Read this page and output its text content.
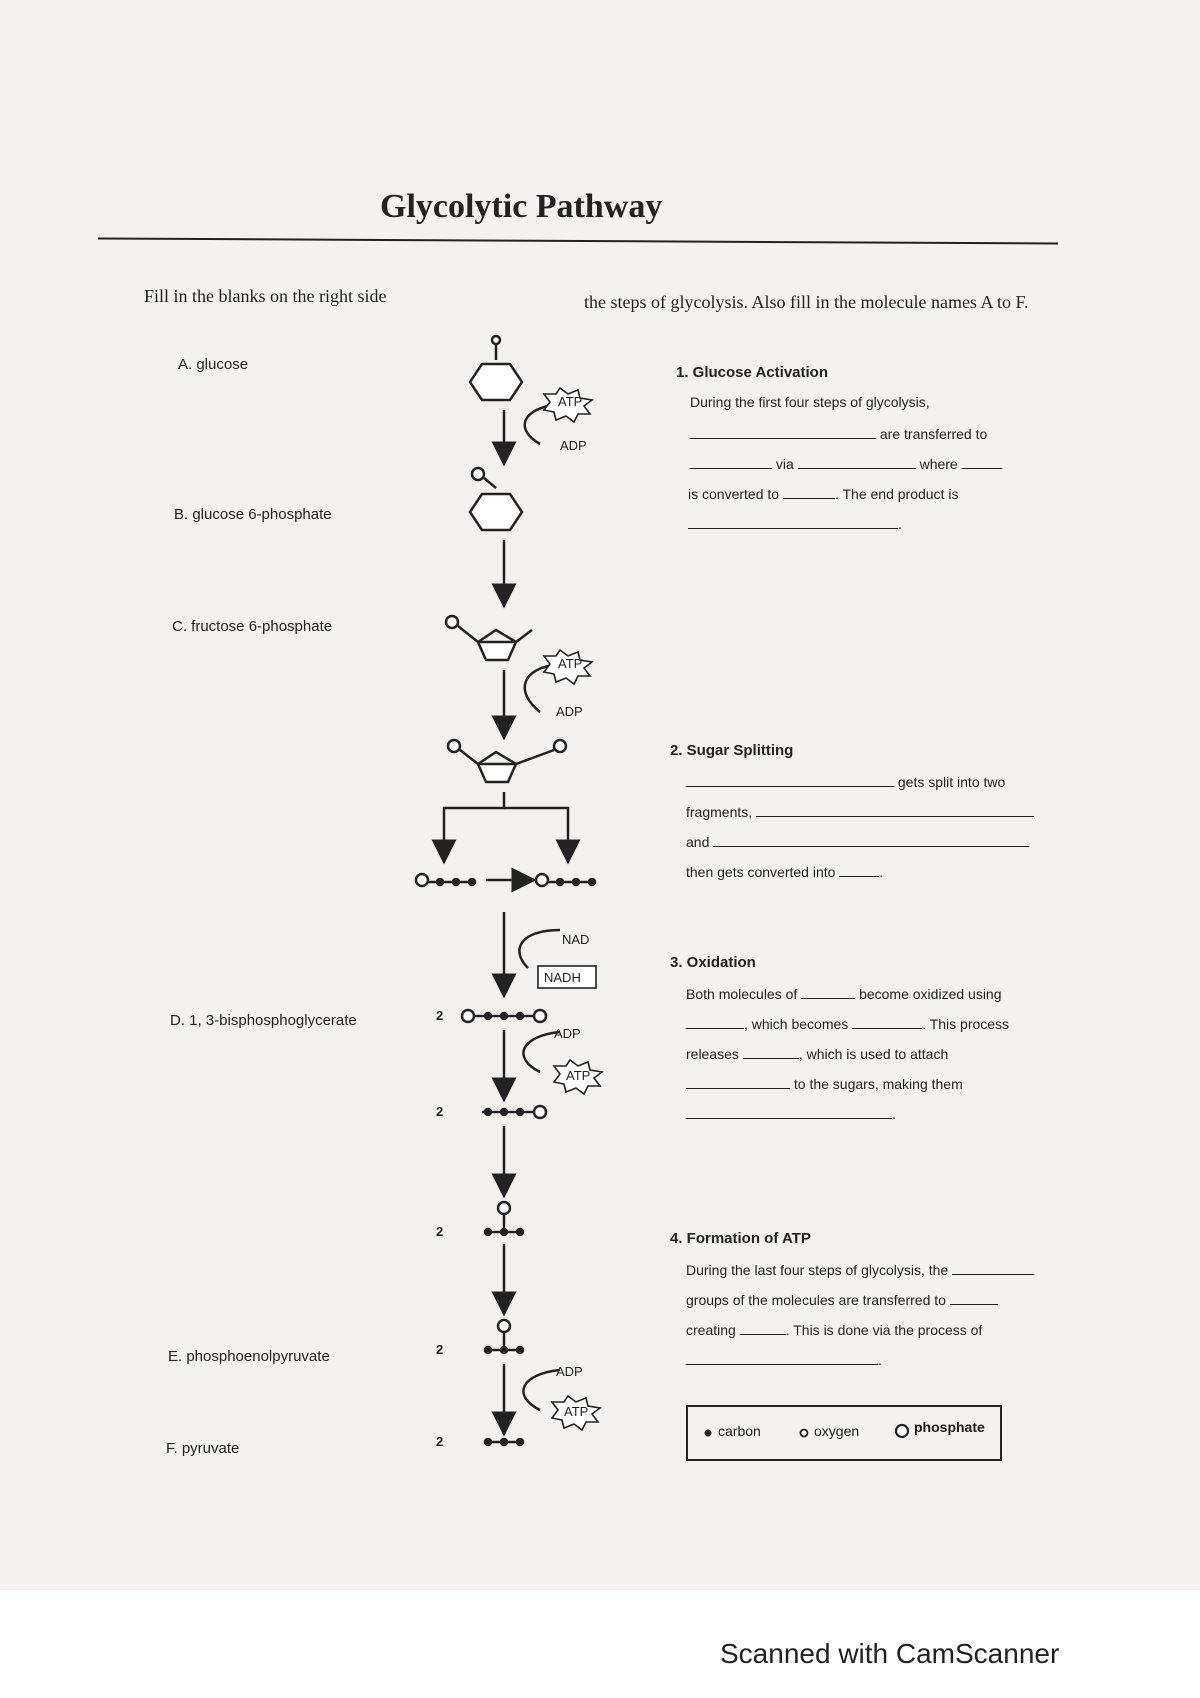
Glycolytic Pathway
Fill in the blanks on the right side	the steps of glycolysis. Also fill in the molecule names A to F.
A. glucose
B. glucose 6-phosphate
C. fructose 6-phosphate
D. 1, 3-bisphosphoglycerate
E. phosphoenolpyruvate
F. pyruvate
ATP
ADP
ATP
ADP
NAD
NADH
ADP
ATP
ADP
ATP
2
2
2
2
2
1. Glucose Activation
During the first four steps of glycolysis,
are transferred to
via	where
is converted to	. The end product is
.
2. Sugar Splitting
gets split into two
fragments,
and
then gets converted into	.
3. Oxidation
Both molecules of	become oxidized using
, which becomes	. This process
releases	, which is used to attach
to the sugars, making them
.
4. Formation of ATP
During the last four steps of glycolysis, the
groups of the molecules are transferred to
creating	. This is done via the process of
.
carbon	oxygen	phosphate
Scanned with CamScanner
